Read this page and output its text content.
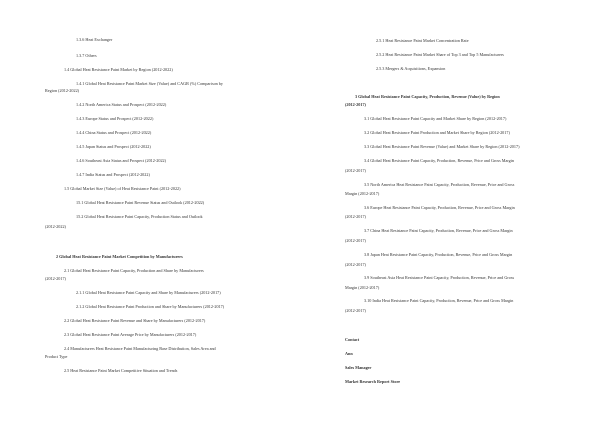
1.3.6 Heat Exchanger
1.3.7 Others
1.4 Global Heat Resistance Paint Market by Region (2012-2022)
1.4.1 Global Heat Resistance Paint Market Size (Value) and CAGR (%) Comparison by
Region (2012-2022)
1.4.2 North America Status and Prospect (2012-2022)
1.4.3 Europe Status and Prospect (2012-2022)
1.4.4 China Status and Prospect (2012-2022)
1.4.5 Japan Status and Prospect (2012-2022)
1.4.6 Southeast Asia Status and Prospect (2012-2022)
1.4.7 India Status and Prospect (2012-2022)
1.5 Global Market Size (Value) of Heat Resistance Paint (2012-2022)
15.1 Global Heat Resistance Paint Revenue Status and Outlook (2012-2022)
15.2 Global Heat Resistance Paint Capacity, Production Status and Outlook
(2012-2022)
2 Global Heat Resistance Paint Market Competition by Manufacturers
2.1 Global Heat Resistance Paint Capacity, Production and Share by Manufacturers
(2012-2017)
2.1.1 Global Heat Resistance Paint Capacity and Share by Manufacturers (2012-2017)
2.1.2 Global Heat Resistance Paint Production and Share by Manufacturers (2012-2017)
2.2 Global Heat Resistance Paint Revenue and Share by Manufacturers (2012-2017)
2.3 Global Heat Resistance Paint Average Price by Manufacturers (2012-2017)
2.4 Manufacturers Heat Resistance Paint Manufacturing Base Distribution, Sales Area and
Product Type
2.5 Heat Resistance Paint Market Competitive Situation and Trends
2.5.1 Heat Resistance Paint Market Concentration Rate
2.5.2 Heat Resistance Paint Market Share of Top 3 and Top 5 Manufacturers
2.5.3 Mergers & Acquisitions, Expansion
3 Global Heat Resistance Paint Capacity, Production, Revenue (Value) by Region
(2012-2017)
3.1 Global Heat Resistance Paint Capacity and Market Share by Region (2012-2017)
3.2 Global Heat Resistance Paint Production and Market Share by Region (2012-2017)
3.3 Global Heat Resistance Paint Revenue (Value) and Market Share by Region (2012-2017)
3.4 Global Heat Resistance Paint Capacity, Production, Revenue, Price and Gross Margin
(2012-2017)
3.5 North America Heat Resistance Paint Capacity, Production, Revenue, Price and Gross
Margin (2012-2017)
3.6 Europe Heat Resistance Paint Capacity, Production, Revenue, Price and Gross Margin
(2012-2017)
3.7 China Heat Resistance Paint Capacity, Production, Revenue, Price and Gross Margin
(2012-2017)
3.8 Japan Heat Resistance Paint Capacity, Production, Revenue, Price and Gross Margin
(2012-2017)
3.9 Southeast Asia Heat Resistance Paint Capacity, Production, Revenue, Price and Gross
Margin (2012-2017)
3.10 India Heat Resistance Paint Capacity, Production, Revenue, Price and Gross Margin
(2012-2017)
Contact
Ann
Sales Manager
Market Research Report Store
